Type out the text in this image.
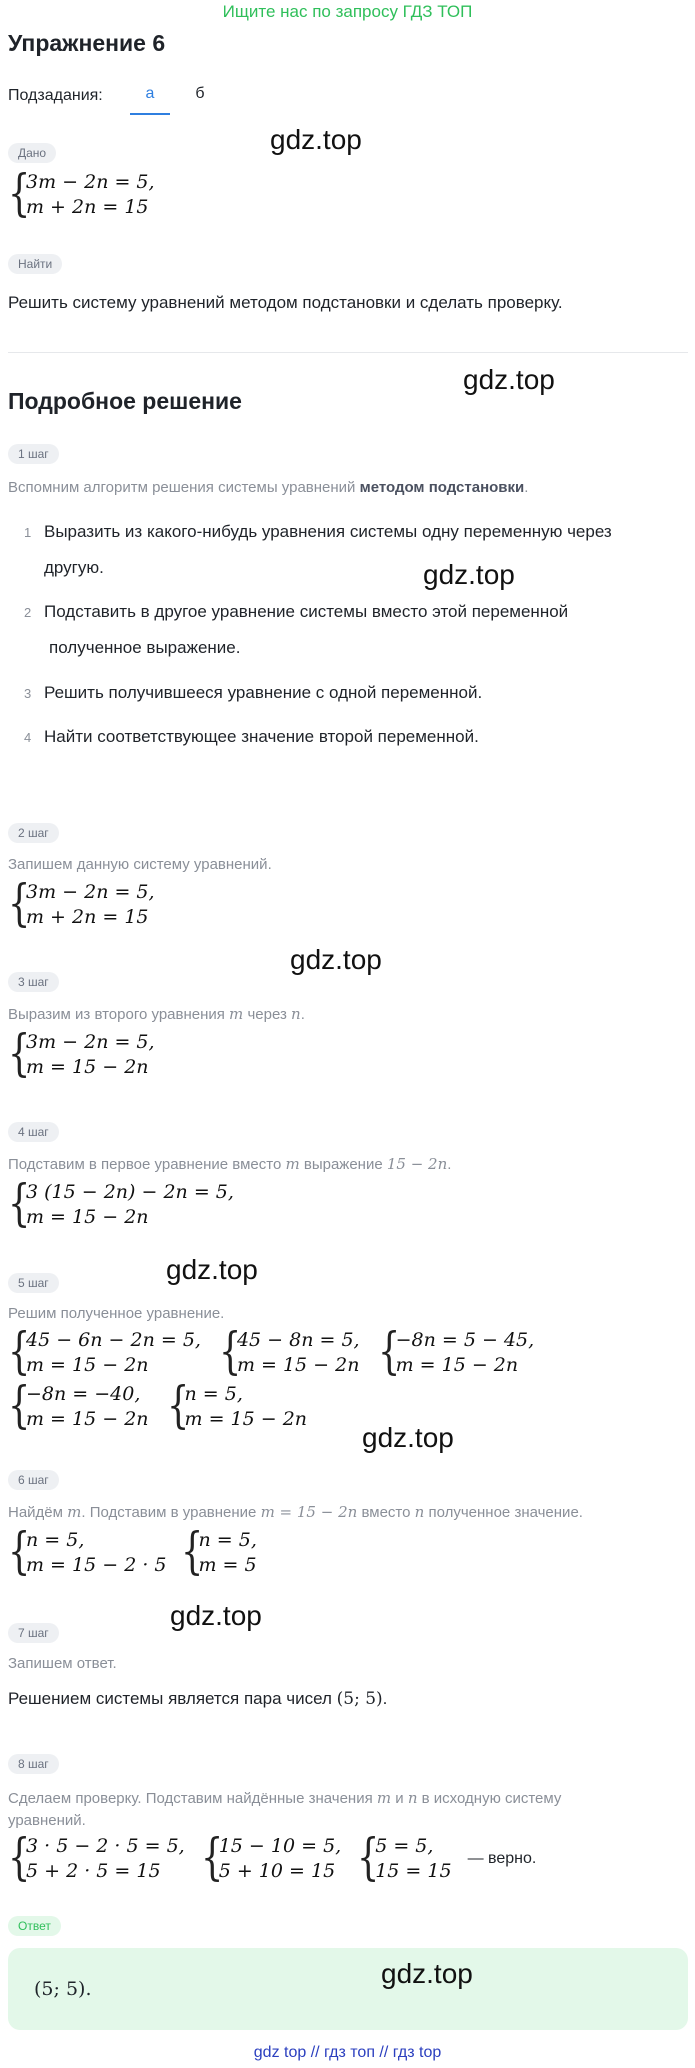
Ищите нас по запросу ГДЗ ТОП
Упражнение 6
Подзадания:	а	б
Дано	gdz.top
{
3m − 2n = 5,
m + 2n = 15
Найти
Решить систему уравнений методом подстановки и сделать проверку.
Подробное решение
gdz.top
1 шаг
Вспомним алгоритм решения системы уравнений методом подстановки.
1 Выразить из какого-нибудь уравнения системы одну переменную через
другую.
2 Подставить в другое уравнение системы вместо этой переменной
полученное выражение.
3 Решить получившееся уравнение с одной переменной.
4 Найти соответствующее значение второй переменной.
gdz.top
2 шаг
Запишем данную систему уравнений.
{
3m − 2n = 5,
m + 2n = 15
gdz.top
3 шаг
Выразим из второго уравнения m через n.
{
3m − 2n = 5,
m = 15 − 2n
4 шаг
Подставим в первое уравнение вместо m выражение 15 − 2n.
{
3 (15 − 2n) − 2n = 5,
m = 15 − 2n
5 шаг	gdz.top
Решим полученное уравнение.
{
45 − 6n − 2n = 5,
m = 15 − 2n	{
45 − 8n = 5,
m = 15 − 2n {
−8n = 5 − 45,
m = 15 − 2n
{
−8n = −40,
m = 15 − 2n {
n = 5,
m = 15 − 2n
gdz.top
6 шаг
Найдём m. Подставим в уравнение m = 15 − 2n вместо n полученное значение.
{
n = 5,
m = 15 − 2 · 5 {
n = 5,
m = 5
7 шаг
gdz.top
Запишем ответ.
Решением системы является пара чисел (5; 5).
8 шаг
Сделаем проверку. Подставим найдённые значения m и n в исходную систему
уравнений.
{
3 · 5 − 2 · 5 = 5,
5 + 2 · 5 = 15 {
15 − 10 = 5,
5 + 10 = 15 {
5 = 5,
15 = 15
— верно.
Ответ
(5; 5).	gdz.top
gdz top // гдз топ // гдз top
